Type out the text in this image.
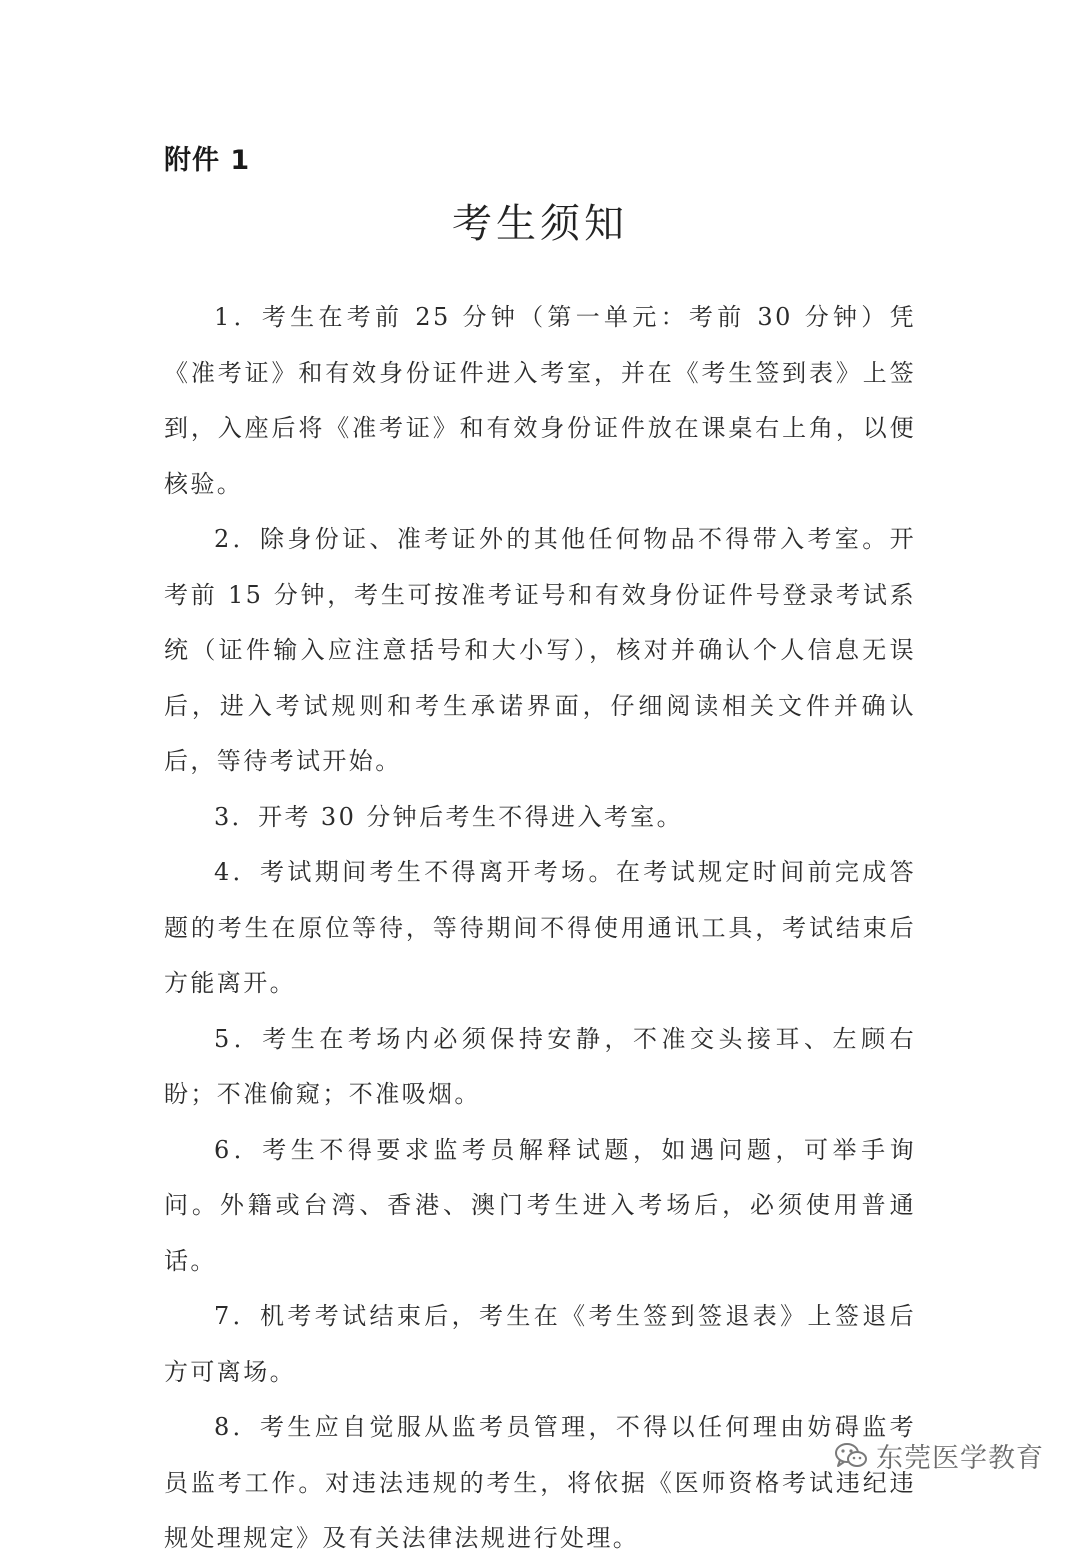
附件 1
考生须知

1．考生在考前 25 分钟（第一单元：考前 30 分钟）凭《准考证》和有效身份证件进入考室，并在《考生签到表》上签到，入座后将《准考证》和有效身份证件放在课桌右上角，以便核验。

2．除身份证、准考证外的其他任何物品不得带入考室。开考前 15 分钟，考生可按准考证号和有效身份证件号登录考试系统（证件输入应注意括号和大小写），核对并确认个人信息无误后，进入考试规则和考生承诺界面，仔细阅读相关文件并确认后，等待考试开始。

3．开考 30 分钟后考生不得进入考室。

4．考试期间考生不得离开考场。在考试规定时间前完成答题的考生在原位等待，等待期间不得使用通讯工具，考试结束后方能离开。

5．考生在考场内必须保持安静，不准交头接耳、左顾右盼；不准偷窥；不准吸烟。

6．考生不得要求监考员解释试题，如遇问题，可举手询问。外籍或台湾、香港、澳门考生进入考场后，必须使用普通话。

7．机考考试结束后，考生在《考生签到签退表》上签退后方可离场。

8．考生应自觉服从监考员管理，不得以任何理由妨碍监考员监考工作。对违法违规的考生，将依据《医师资格考试违纪违规处理规定》及有关法律法规进行处理。

东莞医学教育
